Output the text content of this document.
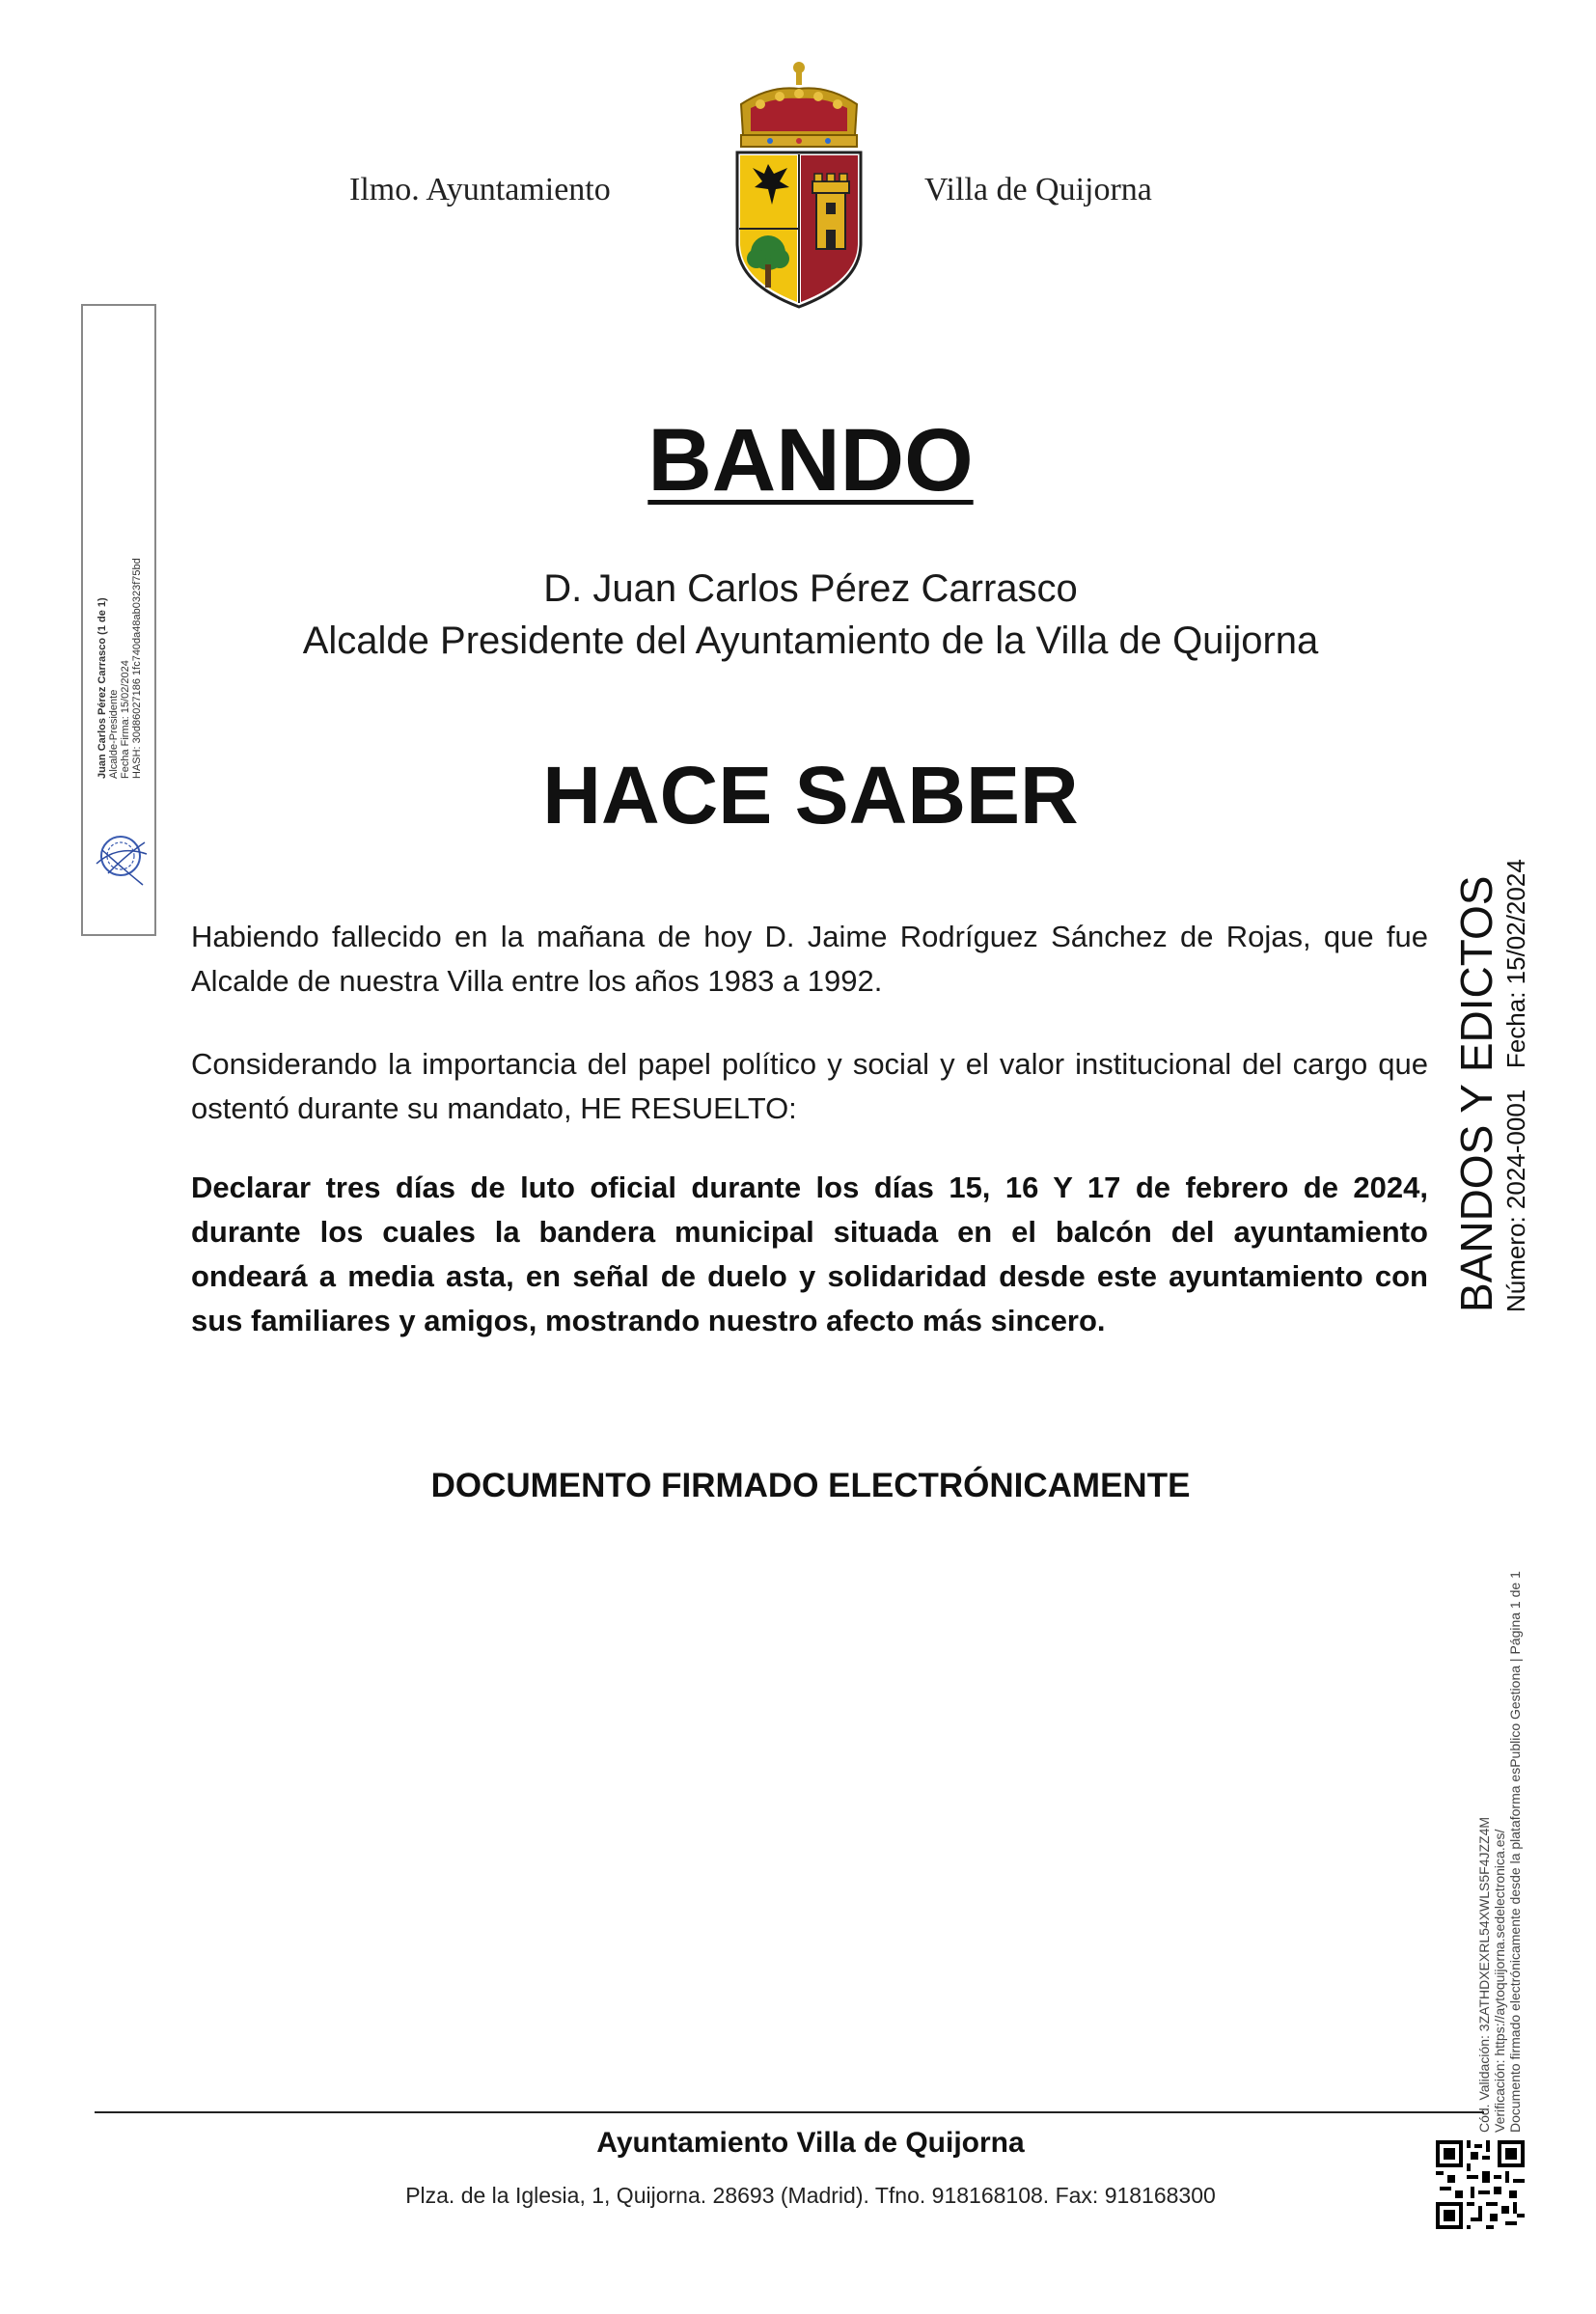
Ilmo. Ayuntamiento	Villa de Quijorna
Juan Carlos Pérez Carrasco (1 de 1) Alcalde-Presidente Fecha Firma: 15/02/2024 HASH: 30d86027186 1fc740da48ab0323f75bd
BANDO
D. Juan Carlos Pérez Carrasco
Alcalde Presidente del Ayuntamiento de la Villa de Quijorna
HACE SABER
Habiendo fallecido en la mañana de hoy D. Jaime Rodríguez Sánchez de Rojas, que fue Alcalde de nuestra Villa entre los años 1983 a 1992.
Considerando la importancia del papel político y social y el valor institucional del cargo que ostentó durante su mandato, HE RESUELTO:
Declarar tres días de luto oficial durante los días 15, 16 Y 17 de febrero de 2024, durante los cuales la bandera municipal situada en el balcón del ayuntamiento ondeará a media asta, en señal de duelo y solidaridad desde este ayuntamiento con sus familiares y amigos, mostrando nuestro afecto más sincero.
DOCUMENTO FIRMADO ELECTRÓNICAMENTE
BANDOS Y EDICTOS Número: 2024-0001   Fecha: 15/02/2024
Cód. Validación: 3ZATHDXEXRL54XWLS5F4JZZ4M Verificación: https://aytoquijorna.sedelectronica.es/ Documento firmado electrónicamente desde la plataforma esPublico Gestiona | Página 1 de 1
Ayuntamiento Villa de Quijorna
Plza. de la Iglesia, 1, Quijorna. 28693 (Madrid). Tfno. 918168108. Fax: 918168300
